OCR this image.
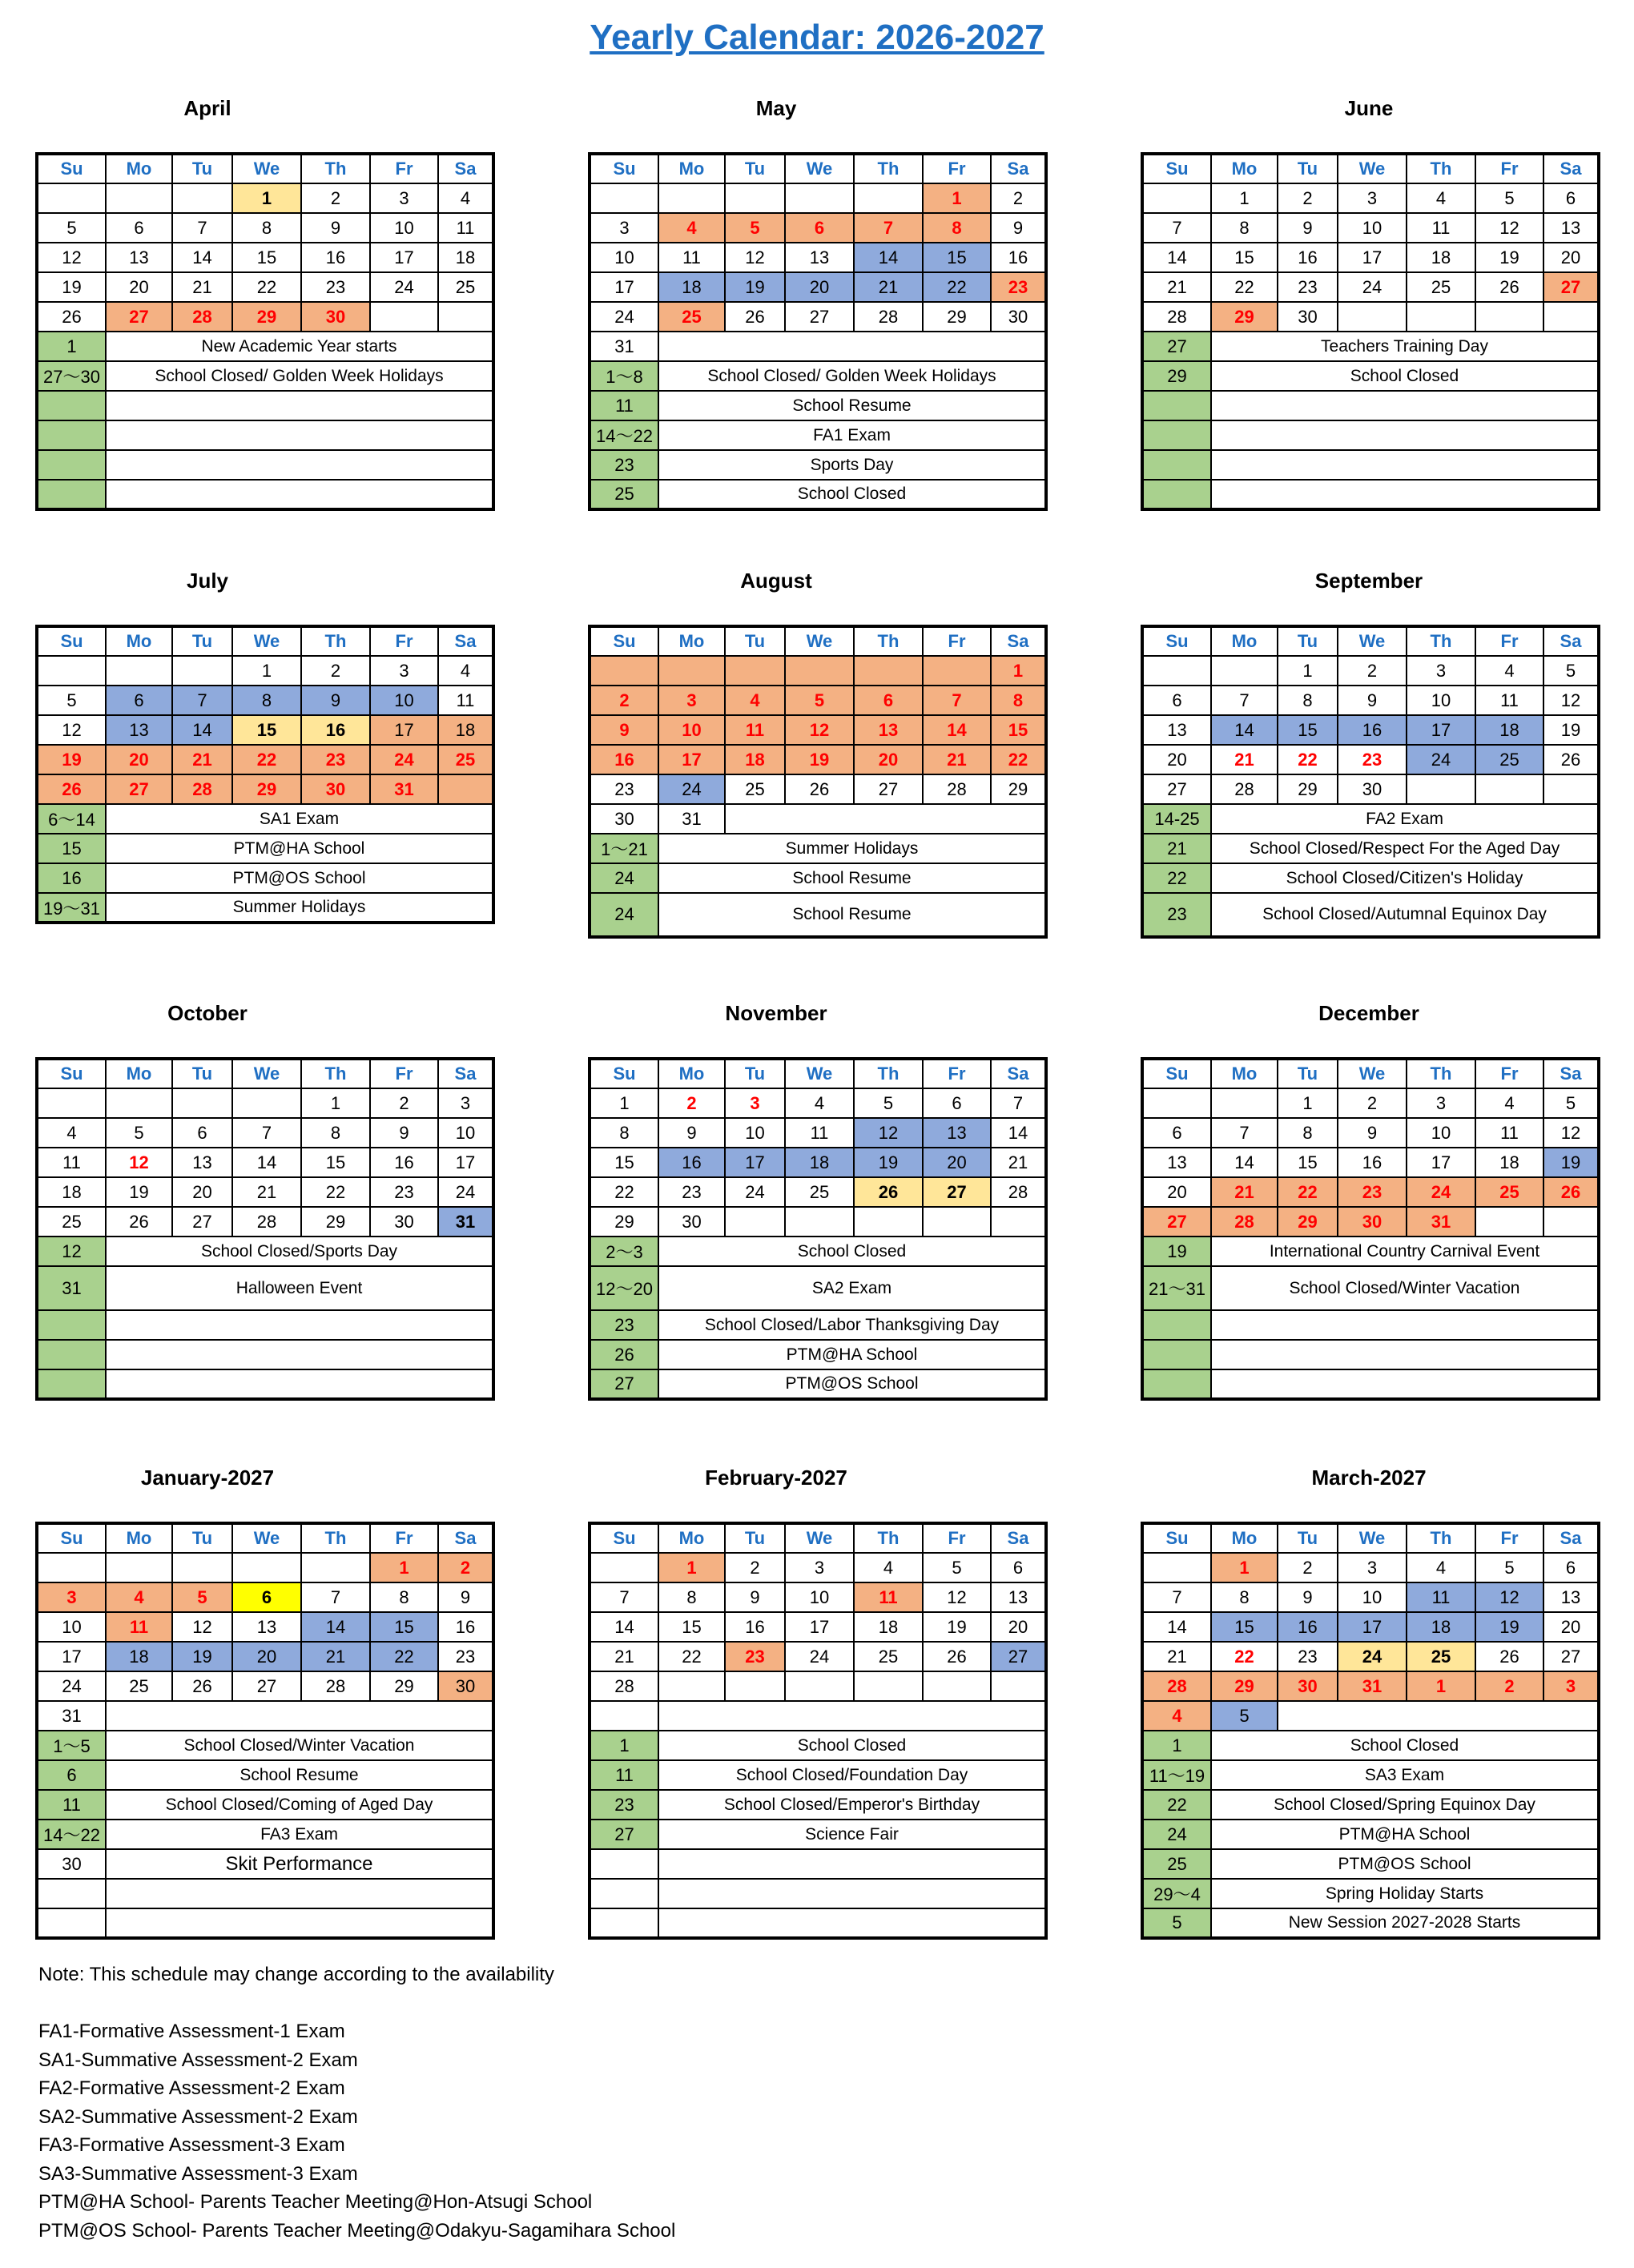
Yearly Calendar: 2026-2027
April
Su	Mo	Tu	We	Th	Fr	Sa
			1	2	3	4
5	6	7	8	9	10	11
12	13	14	15	16	17	18
19	20	21	22	23	24	25
26	27	28	29	30		
1	New Academic Year starts					
27〜30	School Closed/ Golden Week Holidays					

May
Su	Mo	Tu	We	Th	Fr	Sa
					1	2
3	4	5	6	7	8	9
10	11	12	13	14	15	16
17	18	19	20	21	22	23
24	25	26	27	28	29	30
31						
1〜8	School Closed/ Golden Week Holidays					
11	School Resume					
14〜22	FA1 Exam					
23	Sports Day					
25	School Closed					
June
Su	Mo	Tu	We	Th	Fr	Sa
	1	2	3	4	5	6
7	8	9	10	11	12	13
14	15	16	17	18	19	20
21	22	23	24	25	26	27
28	29	30				
27	Teachers Training Day					
29	School Closed					

July
Su	Mo	Tu	We	Th	Fr	Sa
			1	2	3	4
5	6	7	8	9	10	11
12	13	14	15	16	17	18
19	20	21	22	23	24	25
26	27	28	29	30	31	
6〜14	SA1 Exam					
15	PTM@HA School					
16	PTM@OS School					
19〜31	Summer Holidays					
August
Su	Mo	Tu	We	Th	Fr	Sa
						1
2	3	4	5	6	7	8
9	10	11	12	13	14	15
16	17	18	19	20	21	22
23	24	25	26	27	28	29
30	31					
1〜21	Summer Holidays					
24	School Resume					
24	School Resume					
September
Su	Mo	Tu	We	Th	Fr	Sa
		1	2	3	4	5
6	7	8	9	10	11	12
13	14	15	16	17	18	19
20	21	22	23	24	25	26
27	28	29	30			
14-25	FA2 Exam					
21	School Closed/Respect For the Aged Day					
22	School Closed/Citizen's Holiday					
23	School Closed/Autumnal Equinox Day					
October
Su	Mo	Tu	We	Th	Fr	Sa
				1	2	3
4	5	6	7	8	9	10
11	12	13	14	15	16	17
18	19	20	21	22	23	24
25	26	27	28	29	30	31
12	School Closed/Sports Day					
31	Halloween Event					

November
Su	Mo	Tu	We	Th	Fr	Sa
1	2	3	4	5	6	7
8	9	10	11	12	13	14
15	16	17	18	19	20	21
22	23	24	25	26	27	28
29	30					
2〜3	School Closed					
12〜20	SA2 Exam					
23	School Closed/Labor Thanksgiving Day					
26	PTM@HA School					
27	PTM@OS School					
December
Su	Mo	Tu	We	Th	Fr	Sa
		1	2	3	4	5
6	7	8	9	10	11	12
13	14	15	16	17	18	19
20	21	22	23	24	25	26
27	28	29	30	31		
19	International Country Carnival Event					
21〜31	School Closed/Winter Vacation					

January-2027
Su	Mo	Tu	We	Th	Fr	Sa
					1	2
3	4	5	6	7	8	9
10	11	12	13	14	15	16
17	18	19	20	21	22	23
24	25	26	27	28	29	30
31						
1〜5	School Closed/Winter Vacation					
6	School Resume					
11	School Closed/Coming of Aged Day					
14〜22	FA3 Exam					
30	Skit Performance					

February-2027
Su	Mo	Tu	We	Th	Fr	Sa
	1	2	3	4	5	6
7	8	9	10	11	12	13
14	15	16	17	18	19	20
21	22	23	24	25	26	27
28						

1	School Closed					
11	School Closed/Foundation Day					
23	School Closed/Emperor's Birthday					
27	Science Fair					

March-2027
Su	Mo	Tu	We	Th	Fr	Sa
	1	2	3	4	5	6
7	8	9	10	11	12	13
14	15	16	17	18	19	20
21	22	23	24	25	26	27
28	29	30	31	1	2	3
4	5					
1	School Closed					
11〜19	SA3 Exam					
22	School Closed/Spring Equinox Day					
24	PTM@HA School					
25	PTM@OS School					
29〜4	Spring Holiday Starts					
5	New Session 2027-2028 Starts					
Note: This schedule may change according to the availability

FA1-Formative Assessment-1 Exam
SA1-Summative Assessment-2 Exam
FA2-Formative Assessment-2 Exam
SA2-Summative Assessment-2 Exam
FA3-Formative Assessment-3 Exam
SA3-Summative Assessment-3 Exam
PTM@HA School- Parents Teacher Meeting@Hon-Atsugi School
PTM@OS School- Parents Teacher Meeting@Odakyu-Sagamihara School
